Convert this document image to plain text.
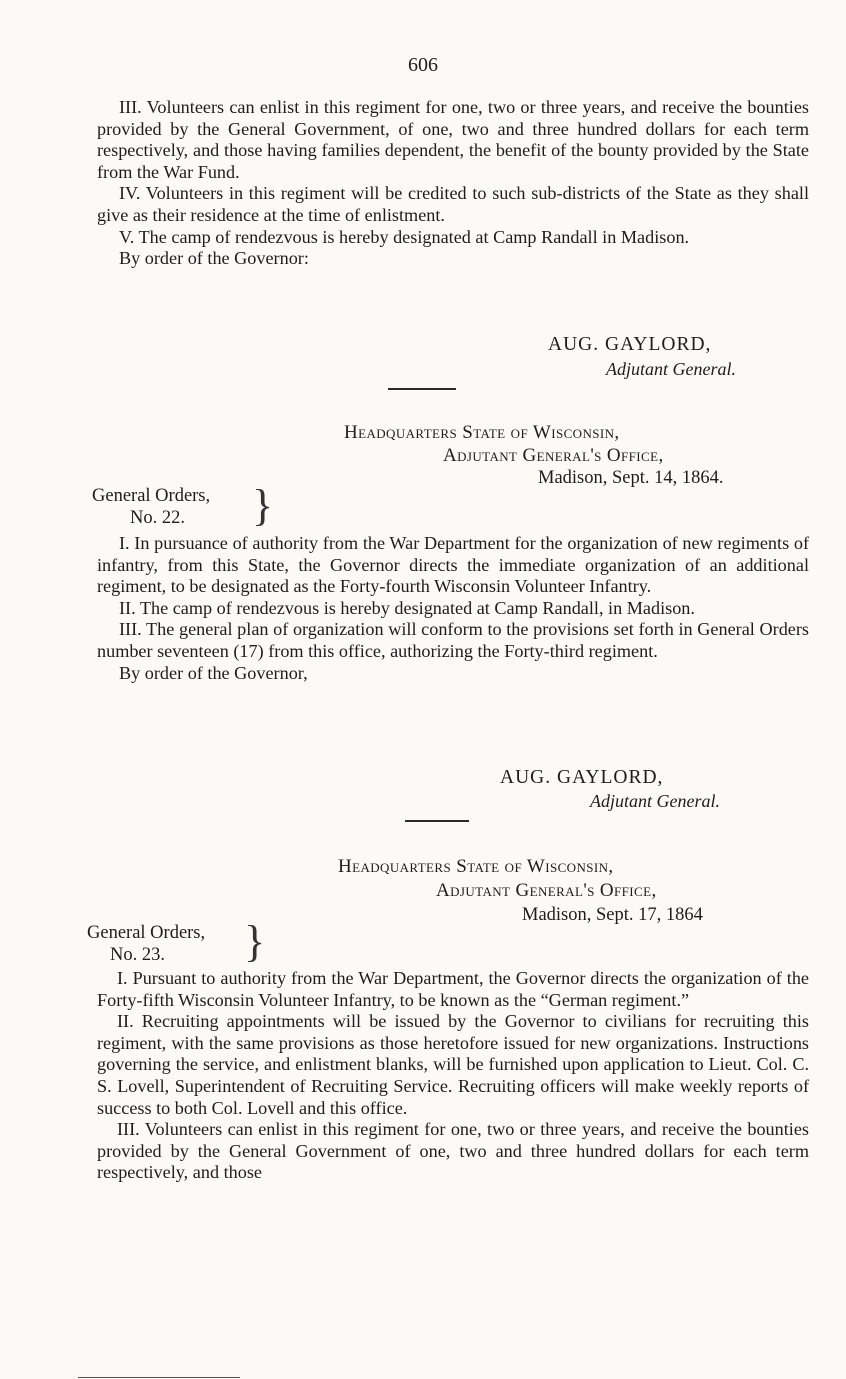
606

III. Volunteers can enlist in this regiment for one, two or three years, and receive the bounties provided by the General Government, of one, two and three hundred dollars for each term respectively, and those having families dependent, the benefit of the bounty provided by the State from the War Fund.

IV. Volunteers in this regiment will be credited to such sub-districts of the State as they shall give as their residence at the time of enlistment.

V. The camp of rendezvous is hereby designated at Camp Randall in Madison.

By order of the Governor:

AUG. GAYLORD,
Adjutant General.
Headquarters State of Wisconsin,
Adjutant General's Office,
Madison, Sept. 14, 1864.
General Orders,
No. 22. }

I. In pursuance of authority from the War Department for the organization of new regiments of infantry, from this State, the Governor directs the immediate organization of an additional regiment, to be designated as the Forty-fourth Wisconsin Volunteer Infantry.

II. The camp of rendezvous is hereby designated at Camp Randall, in Madison.

III. The general plan of organization will conform to the provisions set forth in General Orders number seventeen (17) from this office, authorizing the Forty-third regiment.

By order of the Governor,

AUG. GAYLORD,
Adjutant General.
Headquarters State of Wisconsin,
Adjutant General's Office,
Madison, Sept. 17, 1864
General Orders,
No. 23. }

I. Pursuant to authority from the War Department, the Governor directs the organization of the Forty-fifth Wisconsin Volunteer Infantry, to be known as the “German regiment.”

II. Recruiting appointments will be issued by the Governor to civilians for recruiting this regiment, with the same provisions as those heretofore issued for new organizations. Instructions governing the service, and enlistment blanks, will be furnished upon application to Lieut. Col. C. S. Lovell, Superintendent of Recruiting Service. Recruiting officers will make weekly reports of success to both Col. Lovell and this office.

III. Volunteers can enlist in this regiment for one, two or three years, and receive the bounties provided by the General Government of one, two and three hundred dollars for each term respectively, and those
